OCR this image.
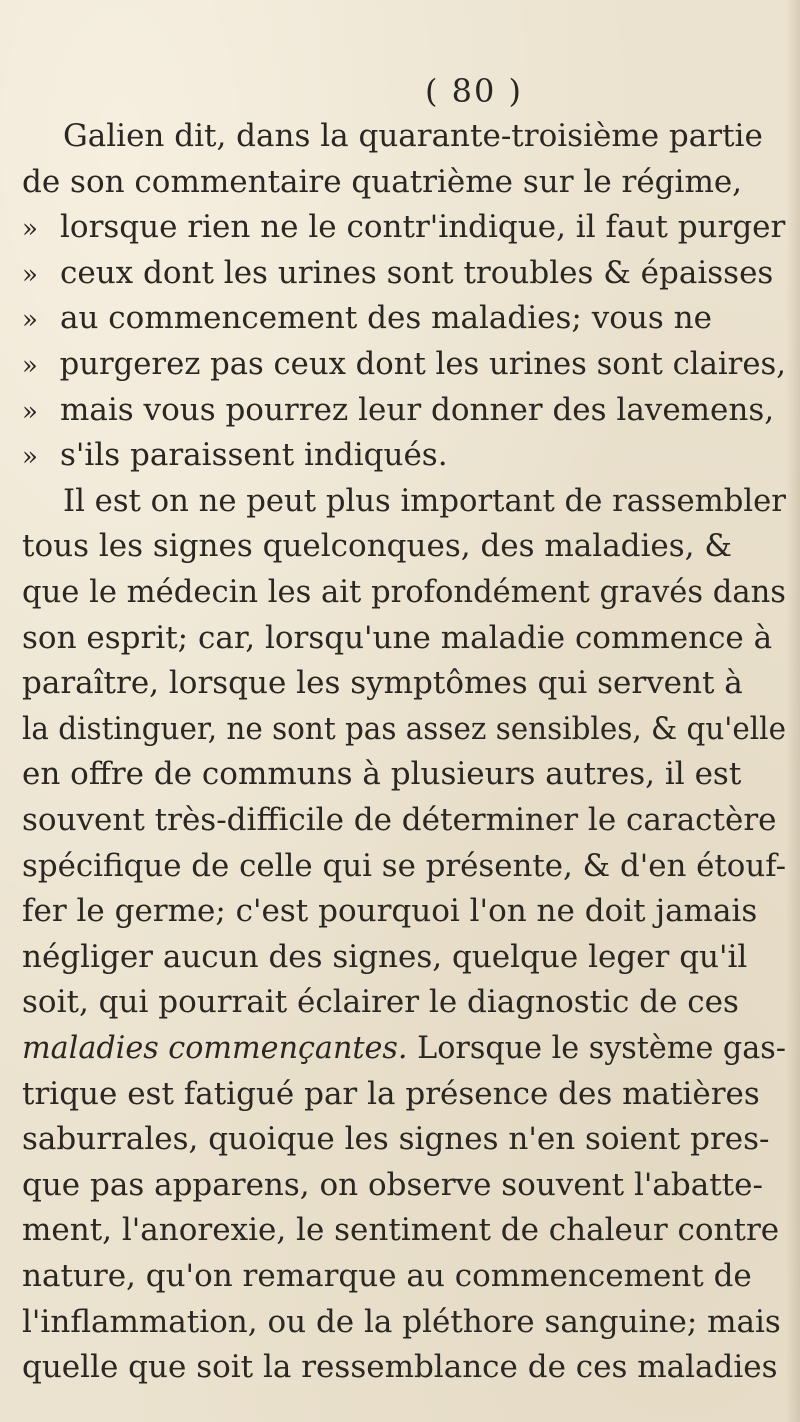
( 80 )
Galien dit, dans la quarante-troisième partie
de son commentaire quatrième sur le régime,
» lorsque rien ne le contr'indique, il faut purger
» ceux dont les urines sont troubles & épaisses
» au commencement des maladies; vous ne
» purgerez pas ceux dont les urines sont claires,
» mais vous pourrez leur donner des lavemens,
» s'ils paraissent indiqués.
Il est on ne peut plus important de rassembler
tous les signes quelconques, des maladies, &
que le médecin les ait profondément gravés dans
son esprit; car, lorsqu'une maladie commence à
paraître, lorsque les symptômes qui servent à
la distinguer, ne sont pas assez sensibles, & qu'elle
en offre de communs à plusieurs autres, il est
souvent très-difficile de déterminer le caractère
spécifique de celle qui se présente, & d'en étouf-
fer le germe; c'est pourquoi l'on ne doit jamais
négliger aucun des signes, quelque leger qu'il
soit, qui pourrait éclairer le diagnostic de ces
maladies commençantes. Lorsque le système gas-
trique est fatigué par la présence des matières
saburrales, quoique les signes n'en soient pres-
que pas apparens, on observe souvent l'abatte-
ment, l'anorexie, le sentiment de chaleur contre
nature, qu'on remarque au commencement de
l'inflammation, ou de la pléthore sanguine; mais
quelle que soit la ressemblance de ces maladies
